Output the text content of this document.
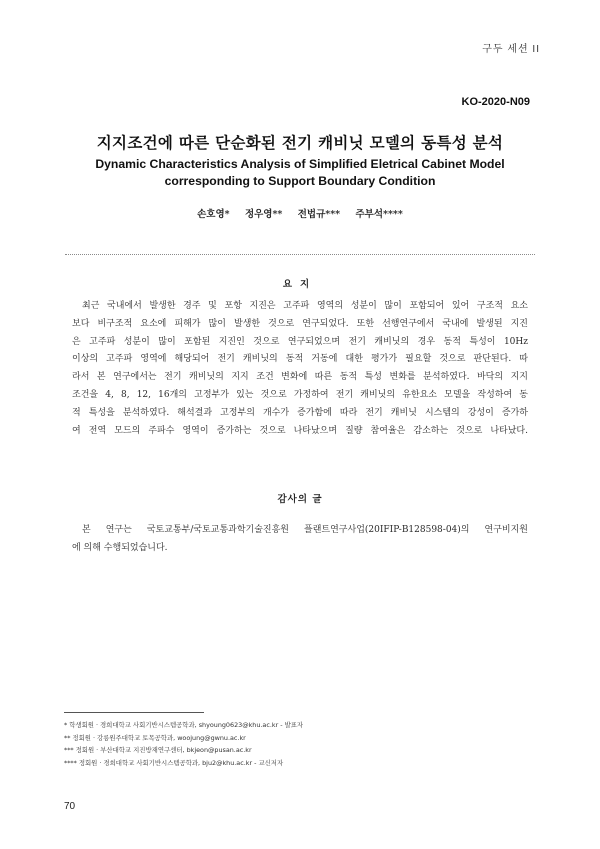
구두 세션 II
KO-2020-N09
지지조건에 따른 단순화된 전기 캐비닛 모델의 동특성 분석
Dynamic Characteristics Analysis of Simplified Eletrical Cabinet Model
corresponding to Support Boundary Condition
손호영* 정우영** 전법규*** 주부석****
요지
최근 국내에서 발생한 경주 및 포항 지진은 고주파 영역의 성분이 많이 포함되어 있어 구조적 요소
보다 비구조적 요소에 피해가 많이 발생한 것으로 연구되었다. 또한 선행연구에서 국내에 발생된 지진
은 고주파 성분이 많이 포함된 지진인 것으로 연구되었으며 전기 캐비닛의 경우 동적 특성이 10Hz
이상의 고주파 영역에 해당되어 전기 캐비닛의 동적 거동에 대한 평가가 필요할 것으로 판단된다. 따
라서 본 연구에서는 전기 캐비닛의 지지 조건 변화에 따른 동적 특성 변화를 분석하였다. 바닥의 지지
조건을 4, 8, 12, 16개의 고정부가 있는 것으로 가정하여 전기 캐비닛의 유한요소 모델을 작성하여 동
적 특성을 분석하였다. 해석결과 고정부의 개수가 증가함에 따라 전기 캐비닛 시스템의 강성이 증가하
여 전역 모드의 주파수 영역이 증가하는 것으로 나타났으며 질량 참여율은 감소하는 것으로 나타났다.
감사의 글
본 연구는 국토교통부/국토교통과학기술진흥원 플랜트연구사업(20IFIP-B128598-04)의 연구비지원
에 의해 수행되었습니다.
* 학생회원 · 경희대학교 사회기반시스템공학과, shyoung0623@khu.ac.kr - 발표자
** 정회원 · 강릉원주대학교 토목공학과, woojung@gwnu.ac.kr
*** 정회원 · 부산대학교 지진방재연구센터, bkjeon@pusan.ac.kr
**** 정회원 · 경희대학교 사회기반시스템공학과, bju2@khu.ac.kr - 교신저자
70
